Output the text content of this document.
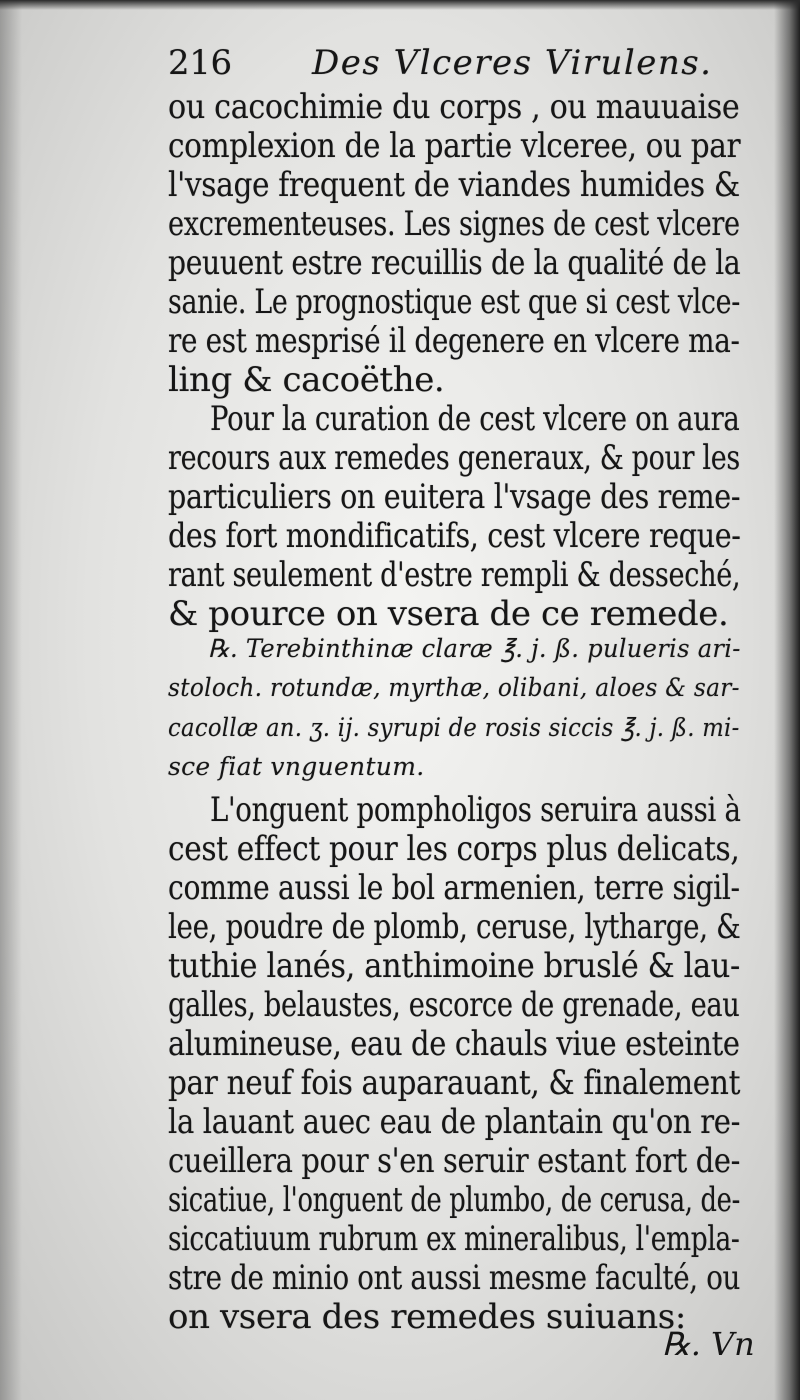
216 Des Vlceres Virulens.
ou cacochimie du corps , ou mauuaise
complexion de la partie vlceree, ou par
l'vsage frequent de viandes humides &
excrementeuses. Les signes de cest vlcere
peuuent estre recuillis de la qualité de la
sanie. Le prognostique est que si cest vlce-
re est mesprisé il degenere en vlcere ma-
ling & cacoëthe.
Pour la curation de cest vlcere on aura
recours aux remedes generaux, & pour les
particuliers on euitera l'vsage des reme-
des fort mondificatifs, cest vlcere reque-
rant seulement d'estre rempli & desseché,
& pource on vsera de ce remede.
℞. Terebinthinæ claræ ℥. j. ß. pulueris ari-
stoloch. rotundæ, myrthæ, olibani, aloes & sar-
cacollæ an. ʒ. ij. syrupi de rosis siccis ℥. j. ß. mi-
sce fiat vnguentum.
L'onguent pompholigos seruira aussi à
cest effect pour les corps plus delicats,
comme aussi le bol armenien, terre sigil-
lee, poudre de plomb, ceruse, lytharge, &
tuthie lanés, anthimoine bruslé & lau-
galles, belaustes, escorce de grenade, eau
alumineuse, eau de chauls viue esteinte
par neuf fois auparauant, & finalement
la lauant auec eau de plantain qu'on re-
cueillera pour s'en seruir estant fort de-
sicatiue, l'onguent de plumbo, de cerusa, de-
siccatiuum rubrum ex mineralibus, l'empla-
stre de minio ont aussi mesme faculté, ou
on vsera des remedes suiuans:
℞. Vn
